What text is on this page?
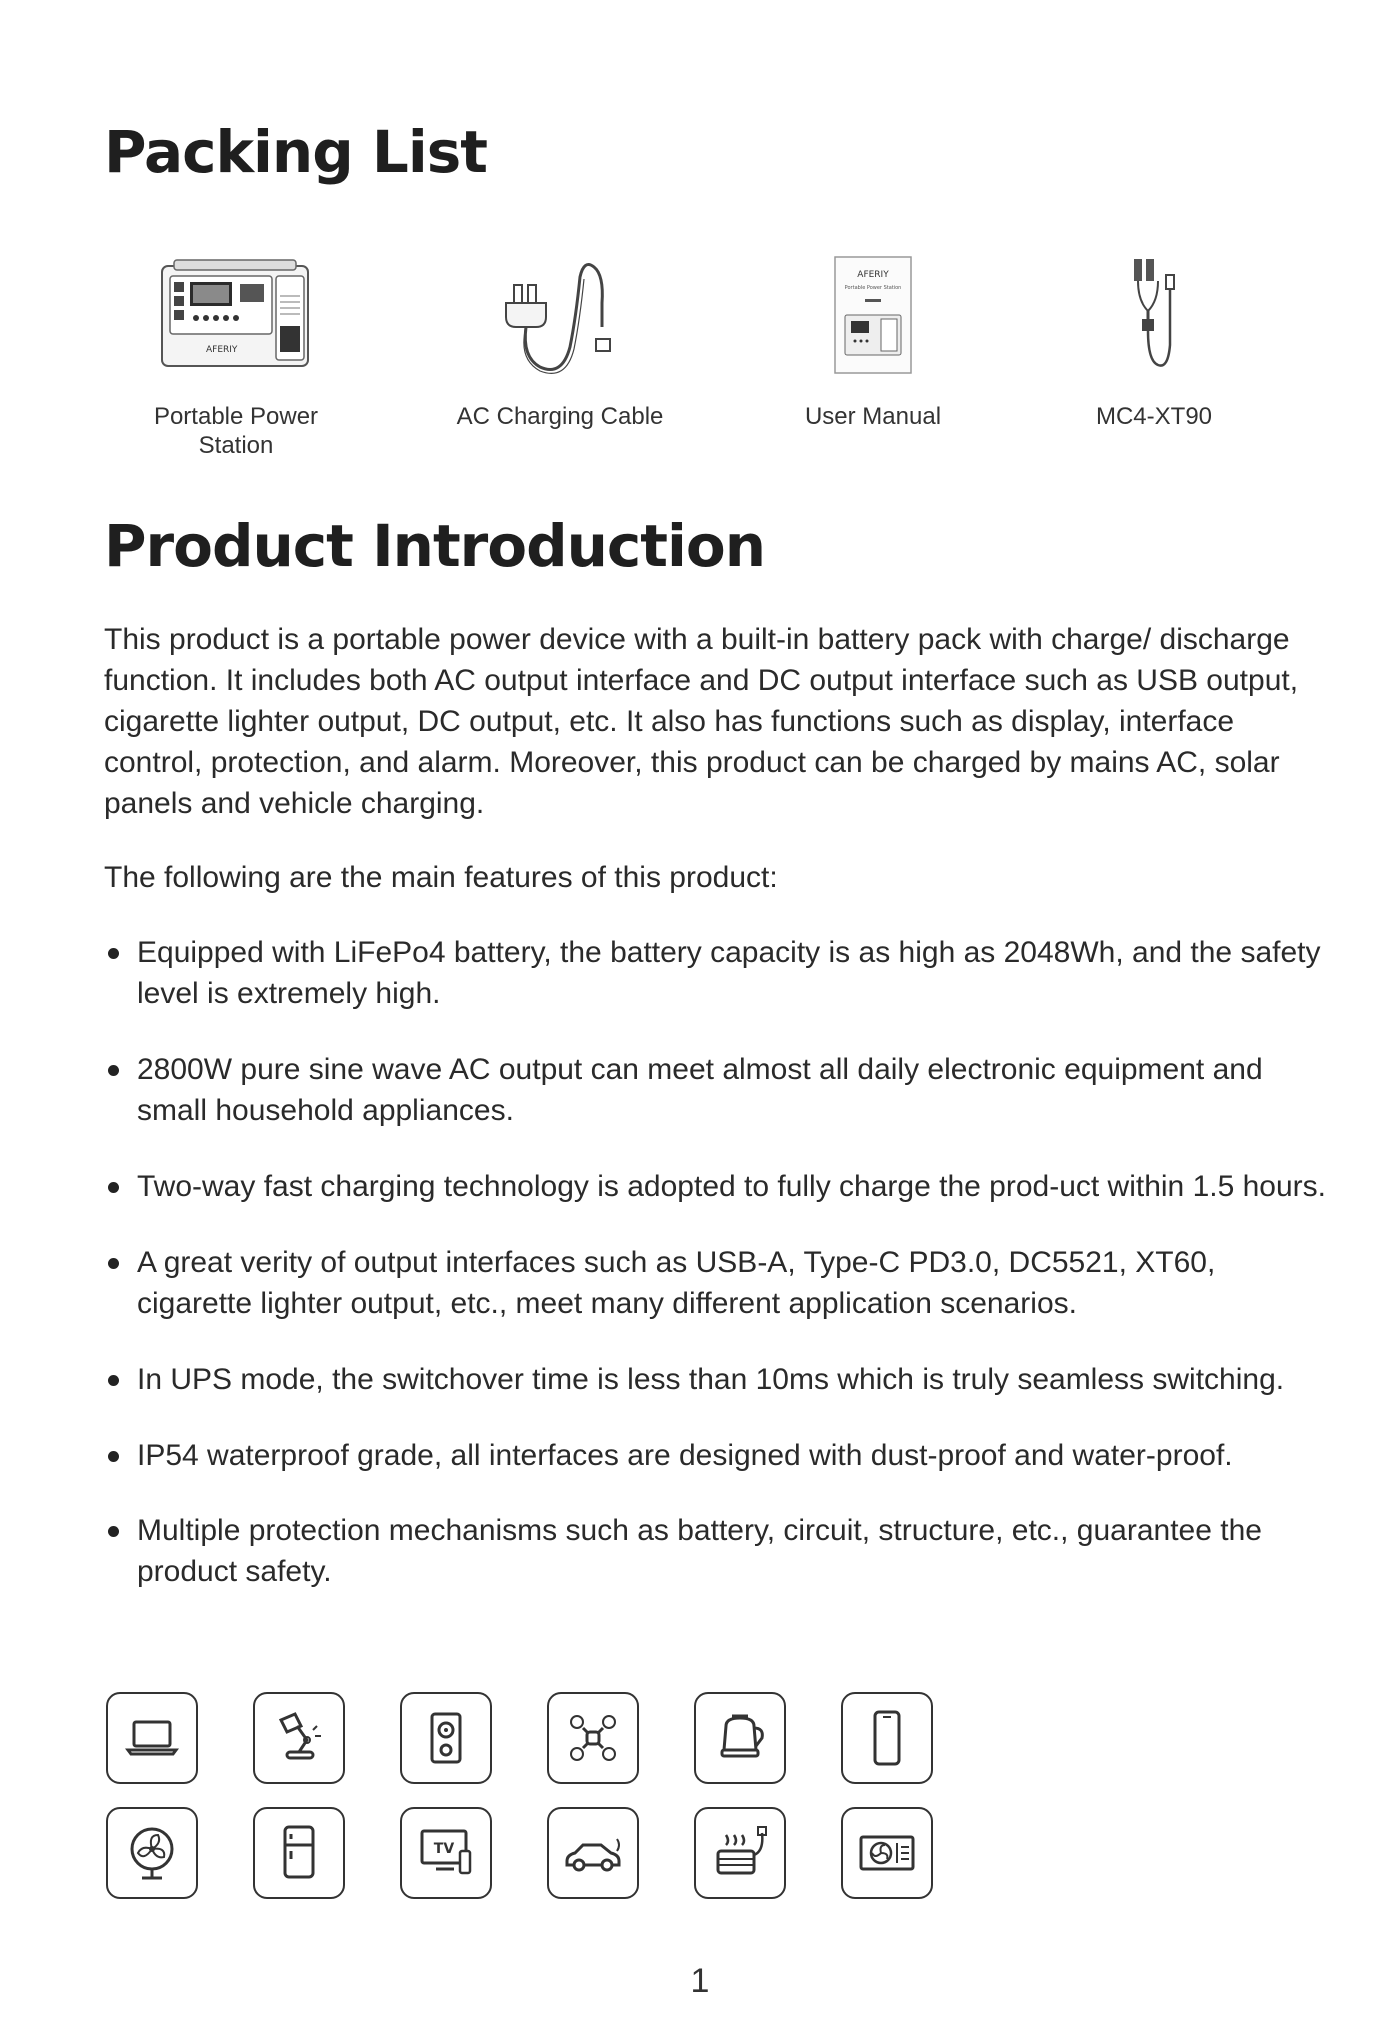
Packing List
AFERIY
Portable Power
Station
AC Charging Cable
AFERIY
Portable Power Station
User Manual	MC4-XT90
Product Introduction

This product is a portable power device with a built-in battery pack with charge/ discharge function. It includes both AC output interface and DC output interface such as USB output, cigarette lighter output, DC output, etc. It also has functions such as display, interface control, protection, and alarm. Moreover, this product can be charged by mains AC, solar panels and vehicle charging.

The following are the main features of this product:

Equipped with LiFePo4 battery, the battery capacity is as high as 2048Wh, and the safety level is extremely high.
2800W pure sine wave AC output can meet almost all daily electronic equipment and small household appliances.
Two-way fast charging technology is adopted to fully charge the prod-uct within 1.5 hours.
A great verity of output interfaces such as USB-A, Type-C PD3.0, DC5521, XT60, cigarette lighter output, etc., meet many different application scenarios.
In UPS mode, the switchover time is less than 10ms which is truly seamless switching.
IP54 waterproof grade, all interfaces are designed with dust-proof and water-proof.
Multiple protection mechanisms such as battery, circuit, structure, etc., guarantee the product safety.
TV
1
